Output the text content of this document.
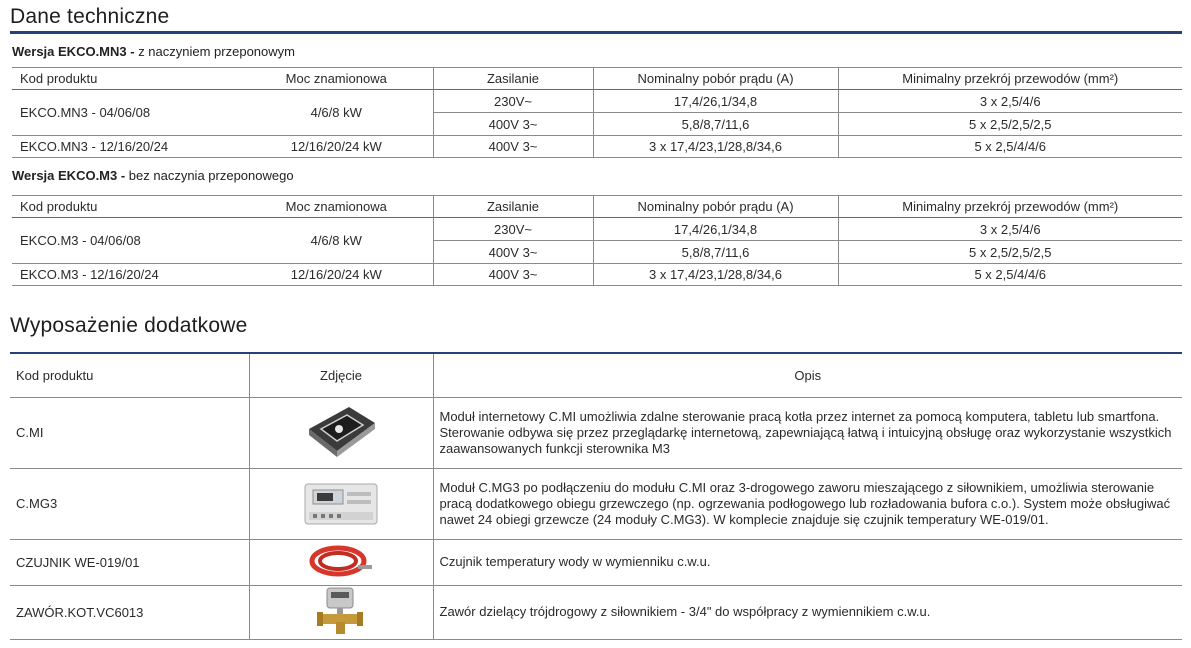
Dane techniczne
Wersja EKCO.MN3 - z naczyniem przeponowym
Kod produktu	Moc znamionowa	Zasilanie	Nominalny pobór prądu (A)	Minimalny przekrój przewodów (mm²)
EKCO.MN3 - 04/06/08	4/6/8 kW	230V~	17,4/26,1/34,8	3 x 2,5/4/6
		400V 3~	5,8/8,7/11,6	5 x 2,5/2,5/2,5
EKCO.MN3 - 12/16/20/24	12/16/20/24 kW	400V 3~	3 x 17,4/23,1/28,8/34,6	5 x 2,5/4/4/6
Wersja EKCO.M3 - bez naczynia przeponowego
Kod produktu	Moc znamionowa	Zasilanie	Nominalny pobór prądu (A)	Minimalny przekrój przewodów (mm²)
EKCO.M3 - 04/06/08	4/6/8 kW	230V~	17,4/26,1/34,8	3 x 2,5/4/6
		400V 3~	5,8/8,7/11,6	5 x 2,5/2,5/2,5
EKCO.M3 - 12/16/20/24	12/16/20/24 kW	400V 3~	3 x 17,4/23,1/28,8/34,6	5 x 2,5/4/4/6
Wyposażenie dodatkowe
Kod produktu	Zdjęcie	Opis
C.MI		Moduł internetowy C.MI umożliwia zdalne sterowanie pracą kotła przez internet za pomocą komputera, tabletu lub smartfona. Sterowanie odbywa się przez przeglądarkę internetową, zapewniającą łatwą i intuicyjną obsługę oraz wykorzystanie wszystkich zaawansowanych funkcji sterownika M3
C.MG3		Moduł C.MG3 po podłączeniu do modułu C.MI oraz 3-drogowego zaworu mieszającego z siłownikiem, umożliwia sterowanie pracą dodatkowego obiegu grzewczego (np. ogrzewania podłogowego lub rozładowania bufora c.o.). System może obsługiwać nawet 24 obiegi grzewcze (24 moduły C.MG3). W komplecie znajduje się czujnik temperatury WE-019/01.
CZUJNIK WE-019/01		Czujnik temperatury wody w wymienniku c.w.u.
ZAWÓR.KOT.VC6013		Zawór dzielący trójdrogowy z siłownikiem - 3/4" do współpracy z wymiennikiem c.w.u.
